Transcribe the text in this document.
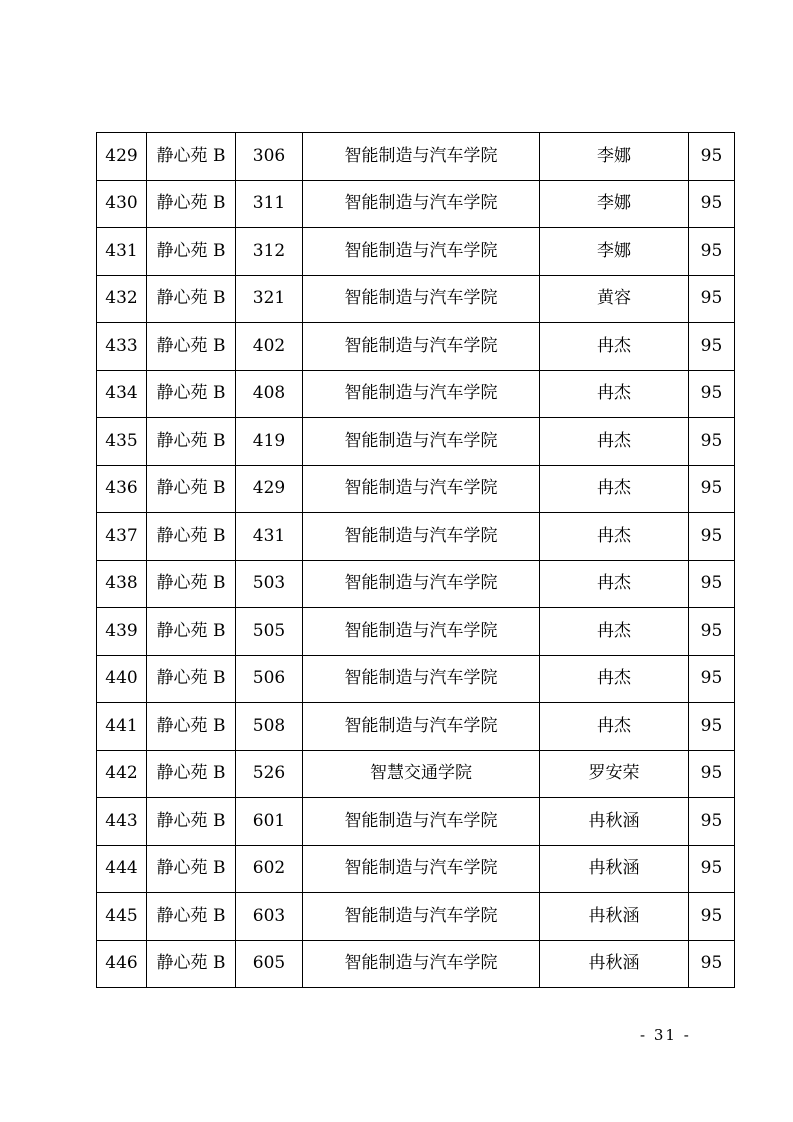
429	静心苑 B	306	智能制造与汽车学院	李娜	95
430	静心苑 B	311	智能制造与汽车学院	李娜	95
431	静心苑 B	312	智能制造与汽车学院	李娜	95
432	静心苑 B	321	智能制造与汽车学院	黄容	95
433	静心苑 B	402	智能制造与汽车学院	冉杰	95
434	静心苑 B	408	智能制造与汽车学院	冉杰	95
435	静心苑 B	419	智能制造与汽车学院	冉杰	95
436	静心苑 B	429	智能制造与汽车学院	冉杰	95
437	静心苑 B	431	智能制造与汽车学院	冉杰	95
438	静心苑 B	503	智能制造与汽车学院	冉杰	95
439	静心苑 B	505	智能制造与汽车学院	冉杰	95
440	静心苑 B	506	智能制造与汽车学院	冉杰	95
441	静心苑 B	508	智能制造与汽车学院	冉杰	95
442	静心苑 B	526	智慧交通学院	罗安荣	95
443	静心苑 B	601	智能制造与汽车学院	冉秋涵	95
444	静心苑 B	602	智能制造与汽车学院	冉秋涵	95
445	静心苑 B	603	智能制造与汽车学院	冉秋涵	95
446	静心苑 B	605	智能制造与汽车学院	冉秋涵	95
- 31 -
